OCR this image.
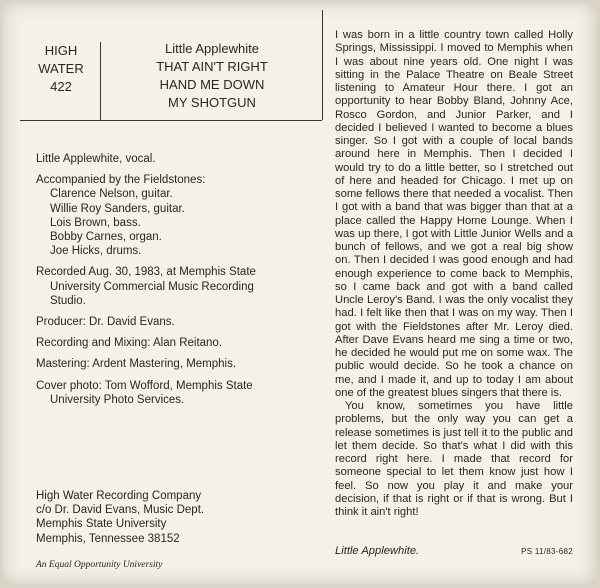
HIGH
WATER
422
Little Applewhite
THAT AIN'T RIGHT
HAND ME DOWN
MY SHOTGUN
Little Applewhite, vocal.
Accompanied by the Fieldstones:
Clarence Nelson, guitar.
Willie Roy Sanders, guitar.
Lois Brown, bass.
Bobby Carnes, organ.
Joe Hicks, drums.
Recorded Aug. 30, 1983, at Memphis State
University Commercial Music Recording
Studio.
Producer: Dr. David Evans.
Recording and Mixing: Alan Reitano.
Mastering: Ardent Mastering, Memphis.
Cover photo: Tom Wofford, Memphis State
University Photo Services.
High Water Recording Company
c/o Dr. David Evans, Music Dept.
Memphis State University
Memphis, Tennessee 38152
An Equal Opportunity University

I was born in a little country town called Holly Springs, Mississippi. I moved to Memphis when I was about nine years old. One night I was sitting in the Palace Theatre on Beale Street listening to Amateur Hour there. I got an opportunity to hear Bobby Bland, Johnny Ace, Rosco Gordon, and Junior Parker, and I decided I believed I wanted to become a blues singer. So I got with a couple of local bands around here in Memphis. Then I decided I would try to do a little better, so I stretched out of here and headed for Chicago. I met up on some fellows there that needed a vocalist. Then I got with a band that was bigger than that at a place called the Happy Home Lounge. When I was up there, I got with Little Junior Wells and a bunch of fellows, and we got a real big show on. Then I decided I was good enough and had enough experience to come back to Memphis, so I came back and got with a band called Uncle Leroy's Band. I was the only vocalist they had. I felt like then that I was on my way. Then I got with the Fieldstones after Mr. Leroy died. After Dave Evans heard me sing a time or two, he decided he would put me on some wax. The public would decide. So he took a chance on me, and I made it, and up to today I am about one of the greatest blues singers that there is.

You know, sometimes you have little problems, but the only way you can get a release sometimes is just tell it to the public and let them decide. So that's what I did with this record right here. I made that record for someone special to let them know just how I feel. So now you play it and make your decision, if that is right or if that is wrong. But I think it ain't right!

Little Applewhite.	PS 11/83-682
